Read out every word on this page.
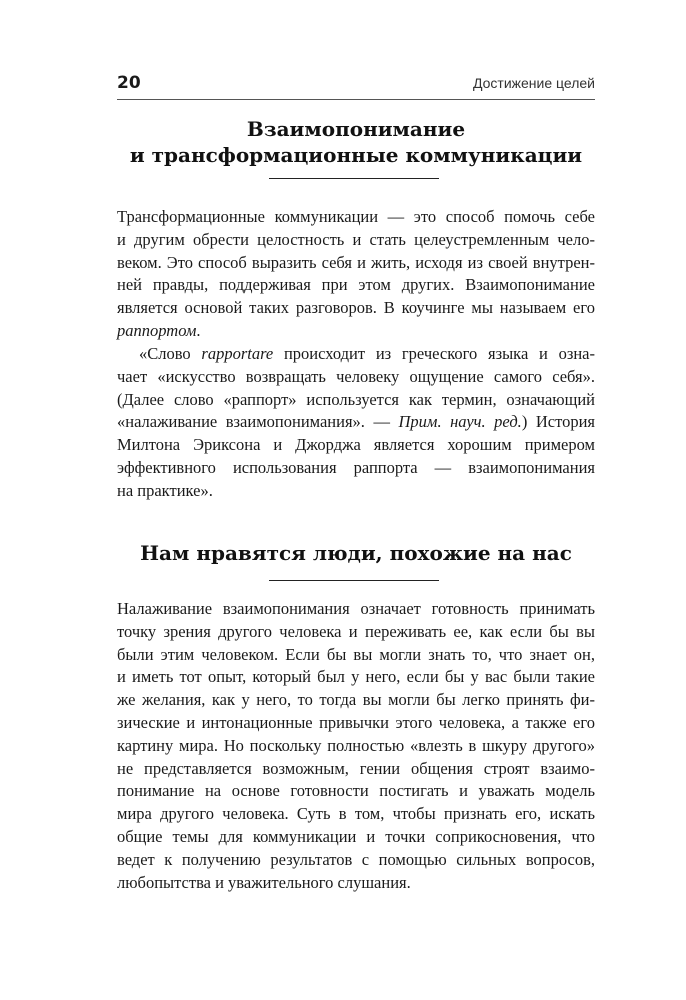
20	Достижение целей
Взаимопонимание
и трансформационные коммуникации
Трансформационные коммуникации — это способ помочь себе
и другим обрести целостность и стать целеустремленным чело-
веком. Это способ выразить себя и жить, исходя из своей внутрен-
ней правды, поддерживая при этом других. Взаимопонимание
является основой таких разговоров. В коучинге мы называем его
раппортом.
«Слово rapportare происходит из греческого языка и озна-
чает «искусство возвращать человеку ощущение самого себя».
(Далее слово «раппорт» используется как термин, означающий
«налаживание взаимопонимания». — Прим. науч. ред.) История
Милтона Эриксона и Джорджа является хорошим примером
эффективного использования раппорта — взаимопонимания
на практике».
Нам нравятся люди, похожие на нас
Налаживание взаимопонимания означает готовность принимать
точку зрения другого человека и переживать ее, как если бы вы
были этим человеком. Если бы вы могли знать то, что знает он,
и иметь тот опыт, который был у него, если бы у вас были такие
же желания, как у него, то тогда вы могли бы легко принять фи-
зические и интонационные привычки этого человека, а также его
картину мира. Но поскольку полностью «влезть в шкуру другого»
не представляется возможным, гении общения строят взаимо-
понимание на основе готовности постигать и уважать модель
мира другого человека. Суть в том, чтобы признать его, искать
общие темы для коммуникации и точки соприкосновения, что
ведет к получению результатов с помощью сильных вопросов,
любопытства и уважительного слушания.
